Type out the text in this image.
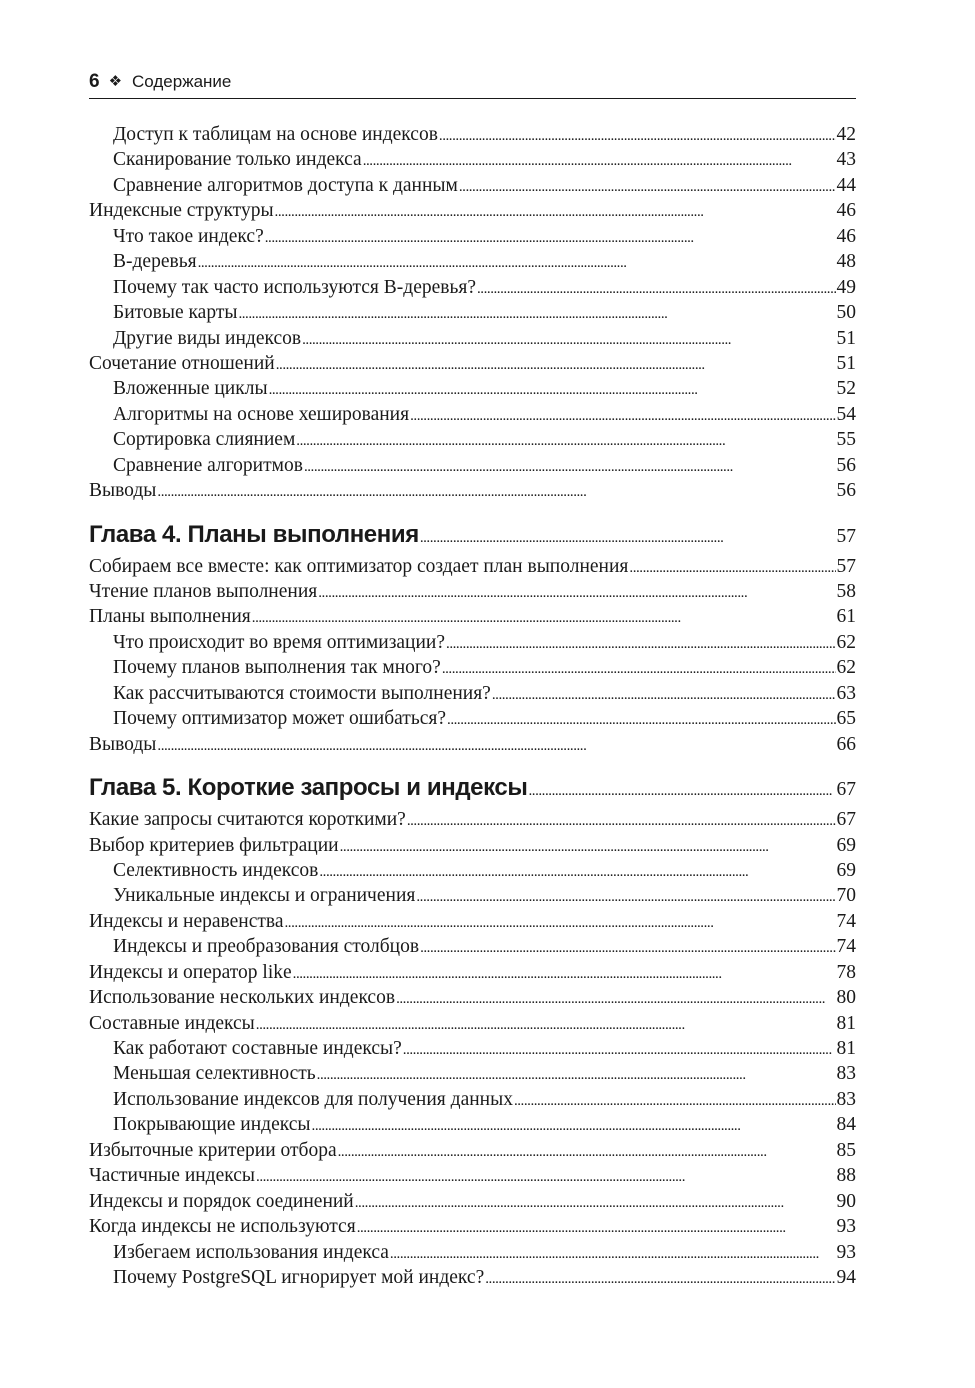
6 ❖ Содержание
Доступ к таблицам на основе индексов . . .	42
Сканирование только индекса . . .	43
Сравнение алгоритмов доступа к данным . . .	44
Индексные структуры . . .	46
Что такое индекс? . . .	46
B-деревья . . .	48
Почему так часто используются B-деревья? . . .	49
Битовые карты . . .	50
Другие виды индексов . . .	51
Сочетание отношений . . .	51
Вложенные циклы . . .	52
Алгоритмы на основе хеширования . . .	54
Сортировка слиянием . . .	55
Сравнение алгоритмов . . .	56
Выводы . . .	56
Глава 4. Планы выполнения . . .	57
Собираем все вместе: как оптимизатор создает план выполнения . . .	57
Чтение планов выполнения . . .	58
Планы выполнения . . .	61
Что происходит во время оптимизации? . . .	62
Почему планов выполнения так много? . . .	62
Как рассчитываются стоимости выполнения? . . .	63
Почему оптимизатор может ошибаться? . . .	65
Выводы . . .	66
Глава 5. Короткие запросы и индексы . . .	67
Какие запросы считаются короткими? . . .	67
Выбор критериев фильтрации . . .	69
Селективность индексов . . .	69
Уникальные индексы и ограничения . . .	70
Индексы и неравенства . . .	74
Индексы и преобразования столбцов . . .	74
Индексы и оператор like . . .	78
Использование нескольких индексов . . .	80
Составные индексы . . .	81
Как работают составные индексы? . . .	81
Меньшая селективность . . .	83
Использование индексов для получения данных . . .	83
Покрывающие индексы . . .	84
Избыточные критерии отбора . . .	85
Частичные индексы . . .	88
Индексы и порядок соединений . . .	90
Когда индексы не используются . . .	93
Избегаем использования индекса . . .	93
Почему PostgreSQL игнорирует мой индекс? . . .	94
